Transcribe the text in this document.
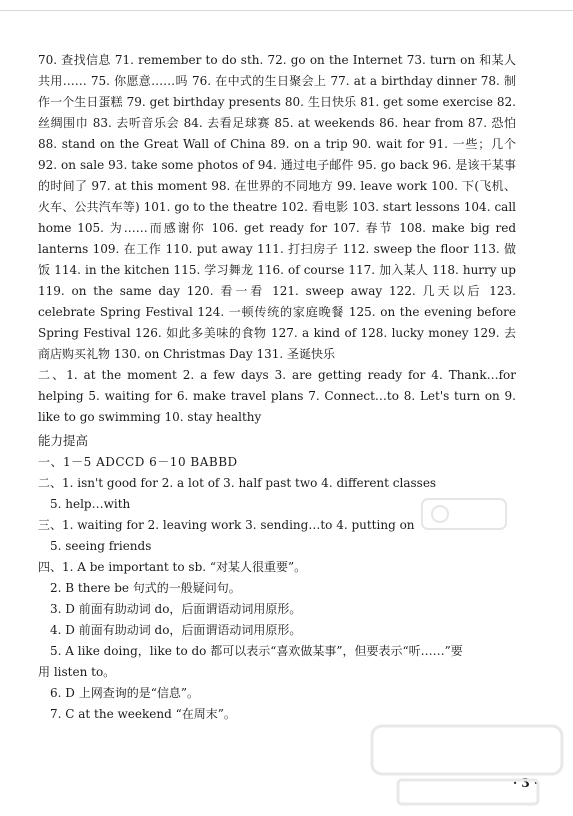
70. 查找信息 71. remember to do sth. 72. go on the Internet 73. turn on 和某人共用…… 75. 你愿意……吗 76. 在中式的生日聚会上 77. at a birthday dinner 78. 制作一个生日蛋糕 79. get birthday presents 80. 生日快乐 81. get some exercise 82. 丝绸围巾 83. 去听音乐会 84. 去看足球赛 85. at weekends 86. hear from 87. 恐怕 88. stand on the Great Wall of China 89. on a trip 90. wait for 91. 一些；几个 92. on sale 93. take some photos of 94. 通过电子邮件 95. go back 96. 是该干某事的时间了 97. at this moment 98. 在世界的不同地方 99. leave work 100. 下(飞机、火车、公共汽车等) 101. go to the theatre 102. 看电影 103. start lessons 104. call home 105. 为……而感谢你 106. get ready for 107. 春节 108. make big red lanterns 109. 在工作 110. put away 111. 打扫房子 112. sweep the floor 113. 做饭 114. in the kitchen 115. 学习舞龙 116. of course 117. 加入某人 118. hurry up 119. on the same day 120. 看一看 121. sweep away 122. 几天以后 123. celebrate Spring Festival 124. 一顿传统的家庭晚餐 125. on the evening before Spring Festival 126. 如此多美味的食物 127. a kind of 128. lucky money 129. 去商店购买礼物 130. on Christmas Day 131. 圣诞快乐

二、1. at the moment 2. a few days 3. are getting ready for 4. Thank…for helping 5. waiting for 6. make travel plans 7. Connect…to 8. Let's turn on 9. like to go swimming 10. stay healthy

能力提高

一、1－5 ADCCD 6－10 BABBD

二、1. isn't good for 2. a lot of 3. half past two 4. different classes

5. help…with

三、1. waiting for 2. leaving work 3. sending…to 4. putting on

5. seeing friends

四、1. A be important to sb. “对某人很重要”。

2. B there be 句式的一般疑问句。

3. D 前面有助动词 do，后面谓语动词用原形。

4. D 前面有助动词 do，后面谓语动词用原形。

5. A like doing，like to do 都可以表示“喜欢做某事”，但要表示“听……”要

用 listen to。

6. D 上网查询的是“信息”。

7. C at the weekend “在周末”。

· 3 ·
